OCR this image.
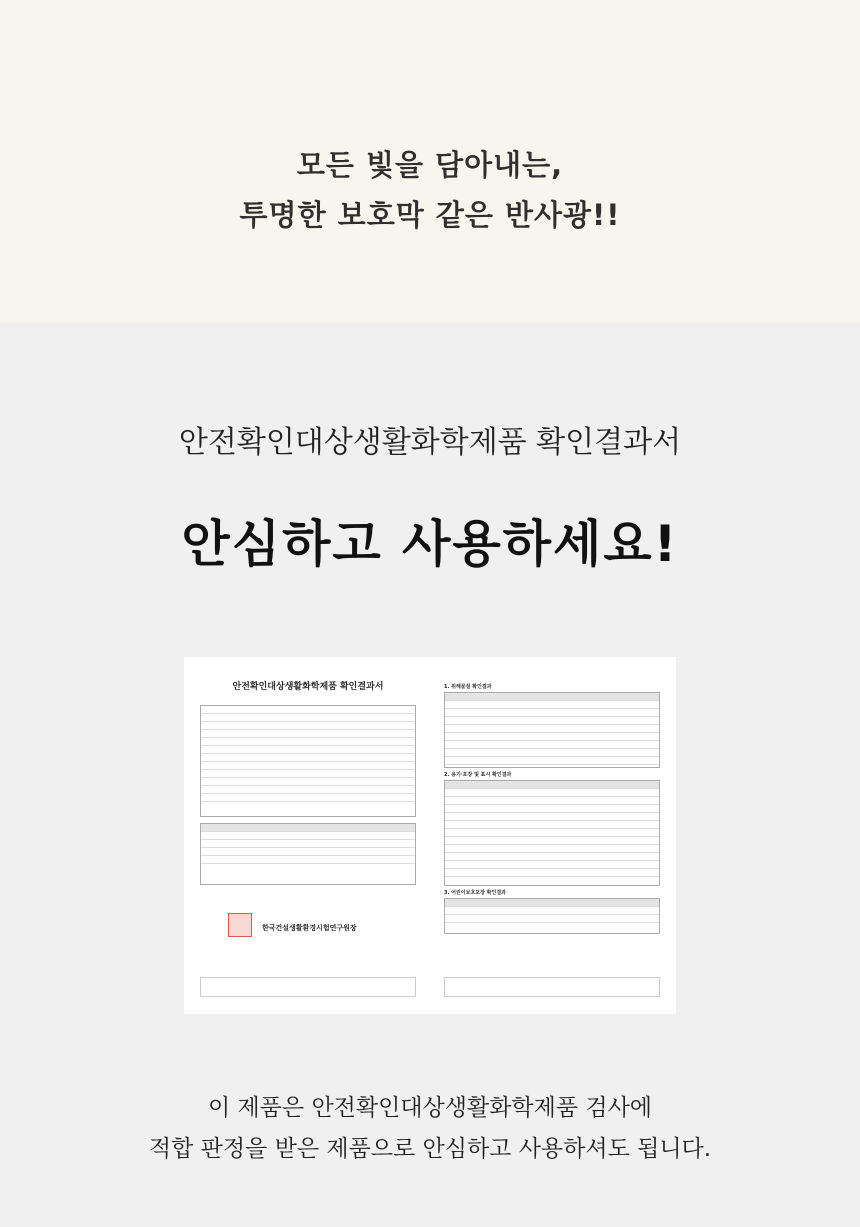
모든 빛을 담아내는,
투명한 보호막 같은 반사광!!
안전확인대상생활화학제품 확인결과서
안심하고 사용하세요!
안전확인대상생활화학제품 확인결과서
한국건설생활환경시험연구원장
1. 위해물질 확인결과
2. 용기·포장 및 표시 확인결과
3. 어린이보호포장 확인결과
이 제품은 안전확인대상생활화학제품 검사에
적합 판정을 받은 제품으로 안심하고 사용하셔도 됩니다.
